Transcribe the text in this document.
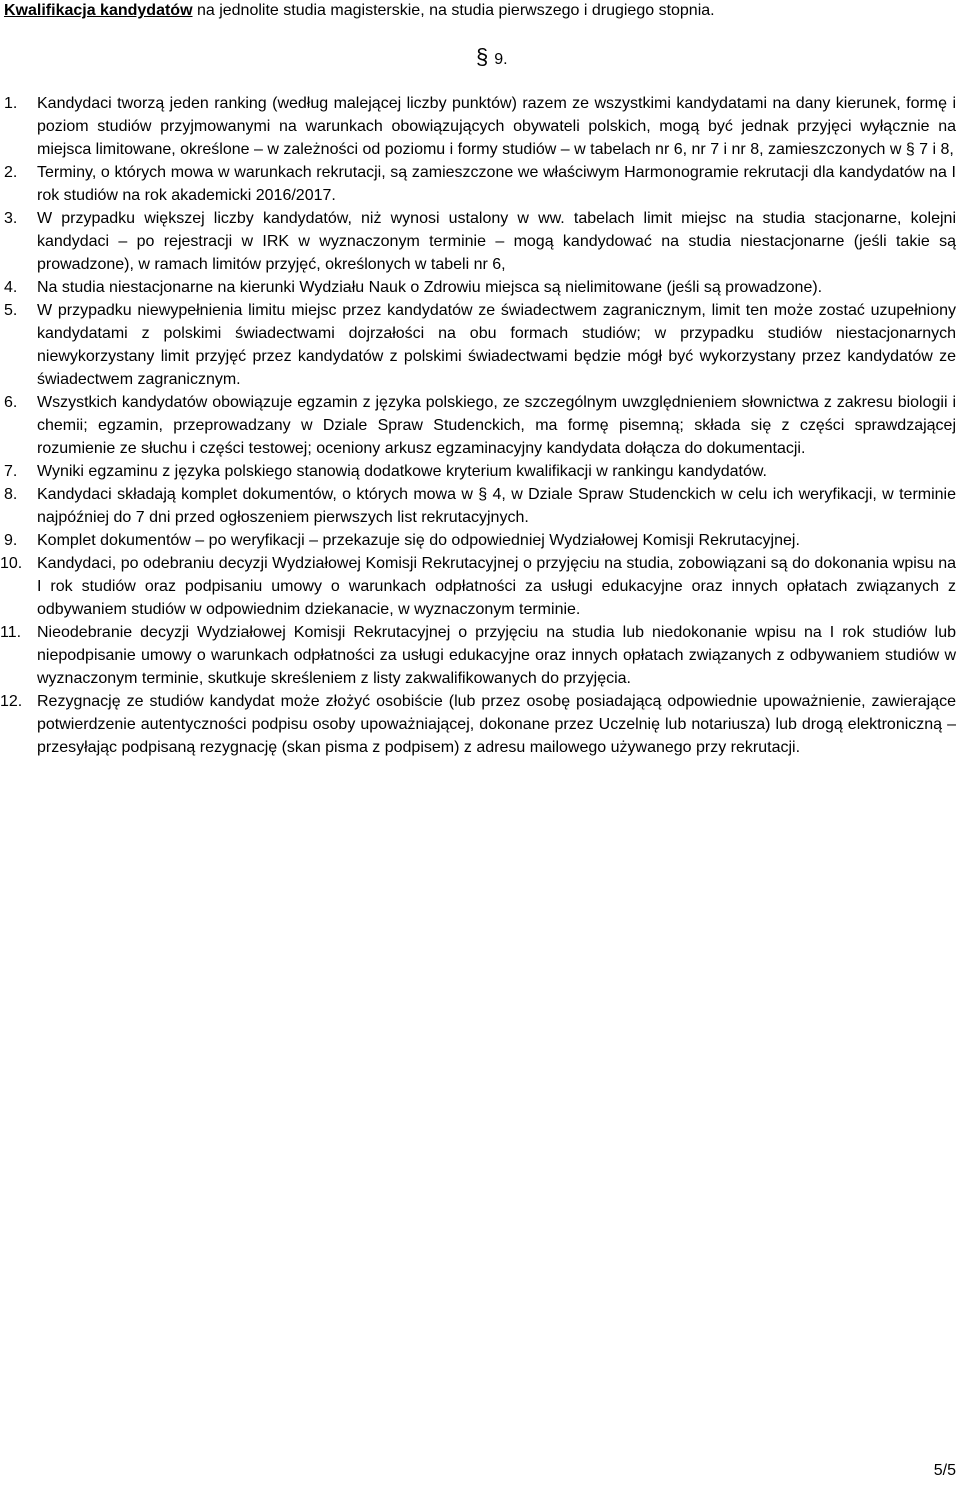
Kwalifikacja kandydatów na jednolite studia magisterskie, na studia pierwszego i drugiego stopnia.
§ 9.
1.	Kandydaci tworzą jeden ranking (według malejącej liczby punktów) razem ze wszystkimi kandydatami na dany kierunek, formę i poziom studiów przyjmowanymi na warunkach obowiązujących obywateli polskich, mogą być jednak przyjęci wyłącznie na miejsca limitowane, określone – w zależności od poziomu i formy studiów – w tabelach nr 6, nr 7 i nr 8, zamieszczonych w § 7 i 8,
2.	Terminy, o których mowa w warunkach rekrutacji, są zamieszczone we właściwym Harmonogramie rekrutacji dla kandydatów na I rok studiów na rok akademicki 2016/2017.
3.	W przypadku większej liczby kandydatów, niż wynosi ustalony w ww. tabelach limit miejsc na studia stacjonarne, kolejni kandydaci – po rejestracji w IRK w wyznaczonym terminie – mogą kandydować na studia niestacjonarne (jeśli takie są prowadzone), w ramach limitów przyjęć, określonych w tabeli nr 6,
4.	Na studia niestacjonarne na kierunki Wydziału Nauk o Zdrowiu miejsca są nielimitowane (jeśli są prowadzone).
5.	W przypadku niewypełnienia limitu miejsc przez kandydatów ze świadectwem zagranicznym, limit ten może zostać uzupełniony kandydatami z polskimi świadectwami dojrzałości na obu formach studiów; w przypadku studiów niestacjonarnych niewykorzystany limit przyjęć przez kandydatów z polskimi świadectwami będzie mógł być wykorzystany przez kandydatów ze świadectwem zagranicznym.
6.	Wszystkich kandydatów obowiązuje egzamin z języka polskiego, ze szczególnym uwzględnieniem słownictwa z zakresu biologii i chemii; egzamin, przeprowadzany w Dziale Spraw Studenckich, ma formę pisemną; składa się z części sprawdzającej rozumienie ze słuchu i części testowej; oceniony arkusz egzaminacyjny kandydata dołącza do dokumentacji.
7.	Wyniki egzaminu z języka polskiego stanowią dodatkowe kryterium kwalifikacji w rankingu kandydatów.
8.	Kandydaci składają komplet dokumentów, o których mowa w § 4, w Dziale Spraw Studenckich w celu ich weryfikacji, w terminie najpóźniej do 7 dni przed ogłoszeniem pierwszych list rekrutacyjnych.
9.	Komplet dokumentów – po weryfikacji – przekazuje się do odpowiedniej Wydziałowej Komisji Rekrutacyjnej.
10. Kandydaci, po odebraniu decyzji Wydziałowej Komisji Rekrutacyjnej o przyjęciu na studia, zobowiązani są do dokonania wpisu na I rok studiów oraz podpisaniu umowy o warunkach odpłatności za usługi edukacyjne oraz innych opłatach związanych z odbywaniem studiów w odpowiednim dziekanacie, w wyznaczonym terminie.
11. Nieodebranie decyzji Wydziałowej Komisji Rekrutacyjnej o przyjęciu na studia lub niedokonanie wpisu na I rok studiów lub niepodpisanie umowy o warunkach odpłatności za usługi edukacyjne oraz innych opłatach związanych z odbywaniem studiów w wyznaczonym terminie, skutkuje skreśleniem z listy zakwalifikowanych do przyjęcia.
12. Rezygnację ze studiów kandydat może złożyć osobiście (lub przez osobę posiadającą odpowiednie upoważnienie, zawierające potwierdzenie autentyczności podpisu osoby upoważniającej, dokonane przez Uczelnię lub notariusza) lub drogą elektroniczną – przesyłając podpisaną rezygnację (skan pisma z podpisem) z adresu mailowego używanego przy rekrutacji.
5/5
